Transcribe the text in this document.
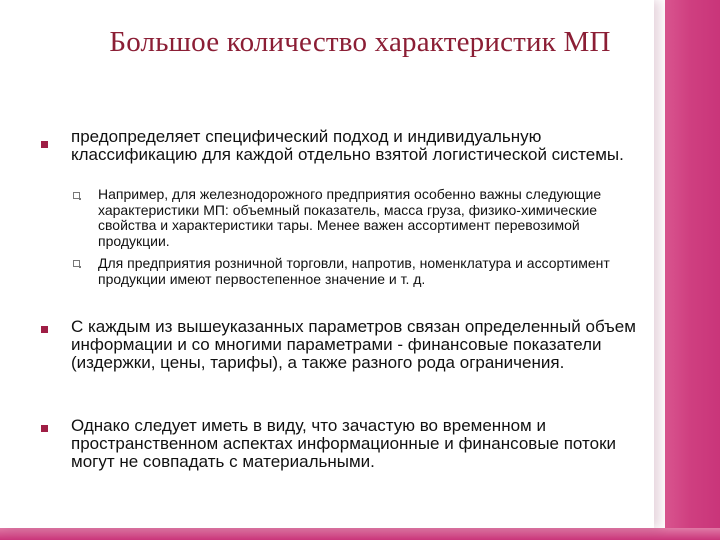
Большое количество характеристик МП
предопределяет специфический подход и индивидуальную классификацию для каждой отдельно взятой логистической системы.
Например, для железнодорожного предприятия особенно важны следующие характеристики МП: объемный показатель, масса груза, физико-химические свойства и характеристики тары. Менее важен ассортимент перевозимой продукции.
Для предприятия розничной торговли, напротив, номенклатура и ассортимент продукции имеют первостепенное значение и т. д.
С каждым из вышеуказанных параметров связан определенный объем информации и со многими параметрами - финансовые показатели (издержки, цены, тарифы), а также разного рода ограничения.
Однако следует иметь в виду, что зачастую во временном и пространственном аспектах информационные и финансовые потоки могут не совпадать с материальными.
